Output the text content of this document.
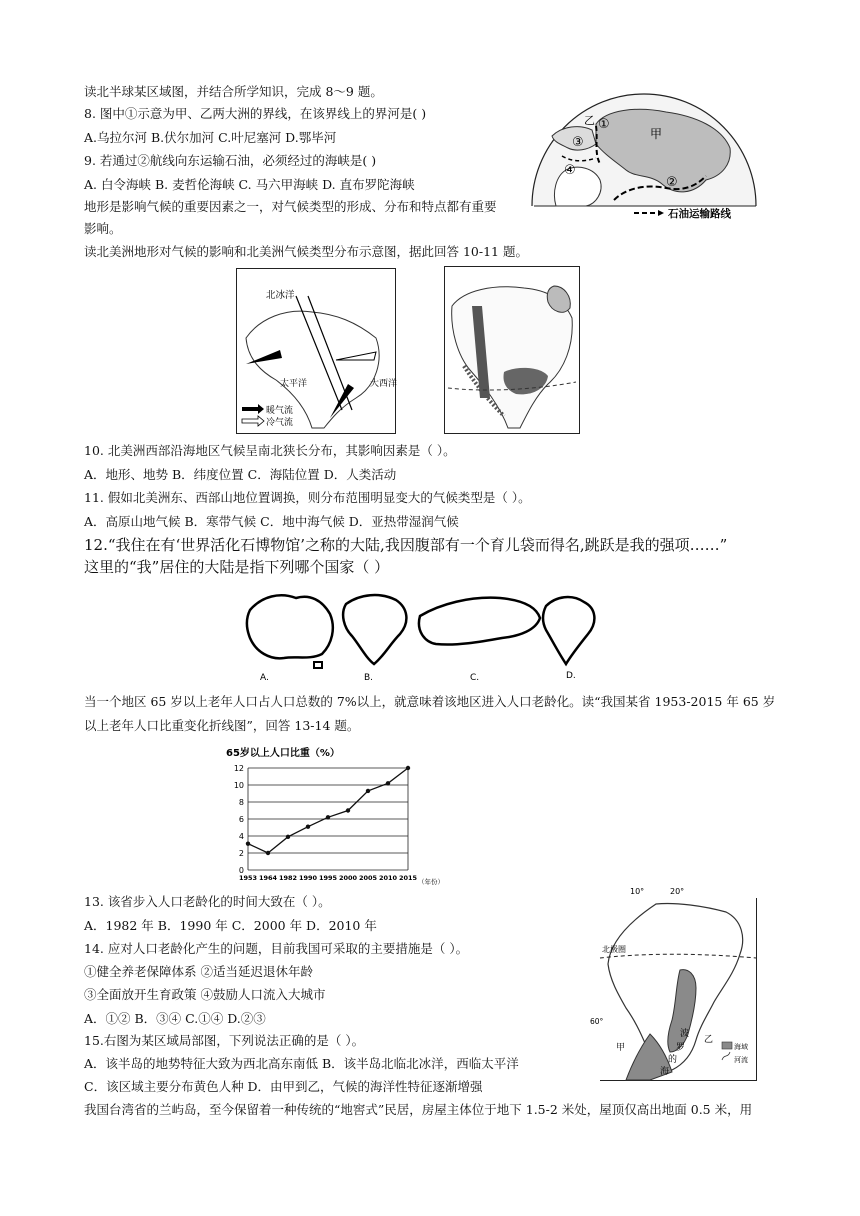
读北半球某区域图，并结合所学知识，完成 8～9 题。
8. 图中①示意为甲、乙两大洲的界线，在该界线上的界河是( )
A.乌拉尔河 B.伏尔加河 C.叶尼塞河 D.鄂毕河
9. 若通过②航线向东运输石油，必须经过的海峡是( )
A. 白令海峡 B. 麦哲伦海峡 C. 马六甲海峡 D. 直布罗陀海峡
地形是影响气候的重要因素之一，对气候类型的形成、分布和特点都有重要
影响。
读北美洲地形对气候的影响和北美洲气候类型分布示意图，据此回答 10-11 题。
甲
乙 ①
②
③
④
石油运输路线
北冰洋
太平洋	大西洋
暖气流
冷气流
10. 北美洲西部沿海地区气候呈南北狭长分布，其影响因素是（ ）。
A．地形、地势 B．纬度位置 C．海陆位置 D．人类活动
11. 假如北美洲东、西部山地位置调换，则分布范围明显变大的气候类型是（ ）。
A．高原山地气候 B．寒带气候 C．地中海气候 D．亚热带湿润气候
12.“我住在有‘世界活化石博物馆’之称的大陆,我因腹部有一个育儿袋而得名,跳跃是我的强项……”
这里的“我”居住的大陆是指下列哪个国家（ ）
A.	B.	C.	D.
当一个地区 65 岁以上老年人口占人口总数的 7%以上，就意味着该地区进入人口老龄化。读“我国某省 1953-2015 年 65 岁
以上老年人口比重变化折线图”，回答 13-14 题。
65岁以上人口比重（%）
0
2
4
6
8
10
12
1953 1964 1982 1990 1995 2000 2005 2010 2015 （年份）
13. 该省步入人口老龄化的时间大致在（ ）。
A．1982 年 B．1990 年 C．2000 年 D．2010 年
14. 应对人口老龄化产生的问题，目前我国可采取的主要措施是（ ）。
①健全养老保障体系 ②适当延迟退休年龄
③全面放开生育政策 ④鼓励人口流入大城市
A．①② B．③④ C.①④ D.②③
15.右图为某区域局部图，下列说法正确的是（ ）。
A．该半岛的地势特征大致为西北高东南低 B．该半岛北临北冰洋，西临太平洋
C．该区域主要分布黄色人种 D．由甲到乙，气候的海洋性特征逐渐增强
我国台湾省的兰屿岛，至今保留着一种传统的“地窖式”民居，房屋主体位于地下 1.5-2 米处，屋顶仅高出地面 0.5 米，用
10°	20°
北极圈
60°
甲
乙
波
罗
的
海
海域
河流
